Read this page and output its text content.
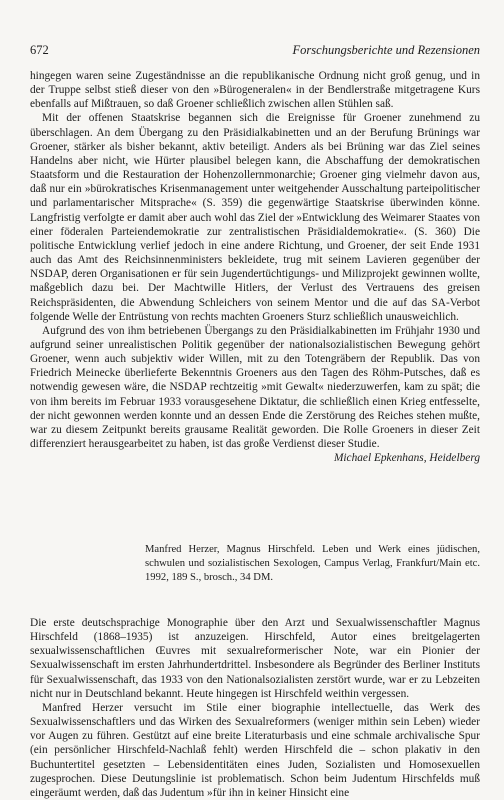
672	Forschungsberichte und Rezensionen

hingegen waren seine Zugeständnisse an die republikanische Ordnung nicht groß genug, und in der Truppe selbst stieß dieser von den »Bürogeneralen« in der Bendlerstraße mitgetragene Kurs ebenfalls auf Mißtrauen, so daß Groener schließlich zwischen allen Stühlen saß.

Mit der offenen Staatskrise begannen sich die Ereignisse für Groener zunehmend zu überschlagen. An dem Übergang zu den Präsidialkabinetten und an der Berufung Brünings war Groener, stärker als bisher bekannt, aktiv beteiligt. Anders als bei Brüning war das Ziel seines Handelns aber nicht, wie Hürter plausibel belegen kann, die Abschaffung der demokratischen Staatsform und die Restauration der Hohenzollernmonarchie; Groener ging vielmehr davon aus, daß nur ein »bürokratisches Krisenmanagement unter weitgehender Ausschaltung parteipolitischer und parlamentarischer Mitsprache« (S. 359) die gegenwärtige Staatskrise überwinden könne. Langfristig verfolgte er damit aber auch wohl das Ziel der »Entwicklung des Weimarer Staates von einer föderalen Parteiendemokratie zur zentralistischen Präsidialdemokratie«. (S. 360) Die politische Entwicklung verlief jedoch in eine andere Richtung, und Groener, der seit Ende 1931 auch das Amt des Reichsinnenministers bekleidete, trug mit seinem Lavieren gegenüber der NSDAP, deren Organisationen er für sein Jugendertüchtigungs- und Milizprojekt gewinnen wollte, maßgeblich dazu bei. Der Machtwille Hitlers, der Verlust des Vertrauens des greisen Reichspräsidenten, die Abwendung Schleichers von seinem Mentor und die auf das SA-Verbot folgende Welle der Entrüstung von rechts machten Groeners Sturz schließlich unausweichlich.

Aufgrund des von ihm betriebenen Übergangs zu den Präsidialkabinetten im Frühjahr 1930 und aufgrund seiner unrealistischen Politik gegenüber der nationalsozialistischen Bewegung gehört Groener, wenn auch subjektiv wider Willen, mit zu den Totengräbern der Republik. Das von Friedrich Meinecke überlieferte Bekenntnis Groeners aus den Tagen des Röhm-Putsches, daß es notwendig gewesen wäre, die NSDAP rechtzeitig »mit Gewalt« niederzuwerfen, kam zu spät; die von ihm bereits im Februar 1933 vorausgesehene Diktatur, die schließlich einen Krieg entfesselte, der nicht gewonnen werden konnte und an dessen Ende die Zerstörung des Reiches stehen mußte, war zu diesem Zeitpunkt bereits grausame Realität geworden. Die Rolle Groeners in dieser Zeit differenziert herausgearbeitet zu haben, ist das große Verdienst dieser Studie.
Michael Epkenhans, Heidelberg

Manfred Herzer, Magnus Hirschfeld. Leben und Werk eines jüdischen, schwulen und sozialistischen Sexologen, Campus Verlag, Frankfurt/Main etc. 1992, 189 S., brosch., 34 DM.

Die erste deutschsprachige Monographie über den Arzt und Sexualwissenschaftler Magnus Hirschfeld (1868–1935) ist anzuzeigen. Hirschfeld, Autor eines breitgelagerten sexualwissenschaftlichen Œuvres mit sexualreformerischer Note, war ein Pionier der Sexualwissenschaft im ersten Jahrhundertdrittel. Insbesondere als Begründer des Berliner Instituts für Sexualwissenschaft, das 1933 von den Nationalsozialisten zerstört wurde, war er zu Lebzeiten nicht nur in Deutschland bekannt. Heute hingegen ist Hirschfeld weithin vergessen.

Manfred Herzer versucht im Stile einer biographie intellectuelle, das Werk des Sexualwissenschaftlers und das Wirken des Sexualreformers (weniger mithin sein Leben) wieder vor Augen zu führen. Gestützt auf eine breite Literaturbasis und eine schmale archivalische Spur (ein persönlicher Hirschfeld-Nachlaß fehlt) werden Hirschfeld die – schon plakativ in den Buchuntertitel gesetzten – Lebensidentitäten eines Juden, Sozialisten und Homosexuellen zugesprochen. Diese Deutungslinie ist problematisch. Schon beim Judentum Hirschfelds muß eingeräumt werden, daß das Judentum »für ihn in keiner Hinsicht eine
